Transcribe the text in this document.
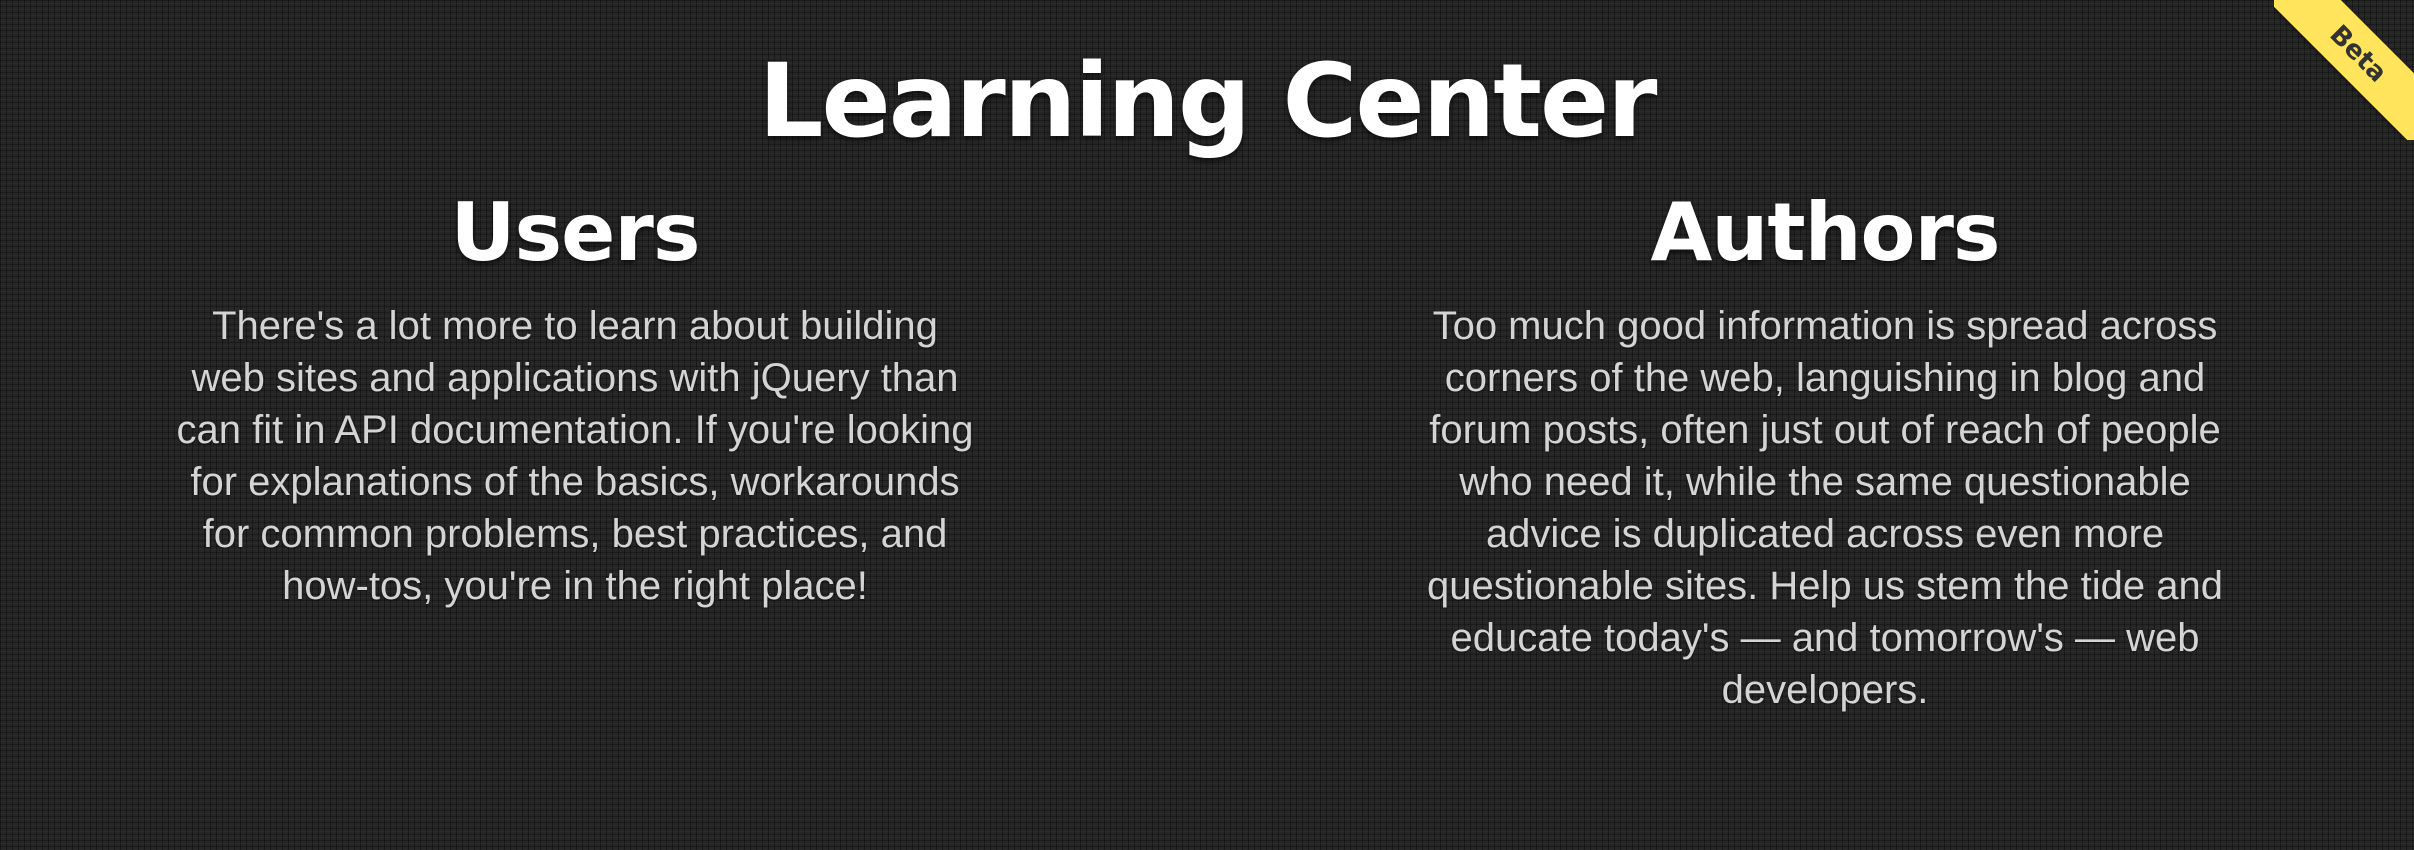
Learning Center	Beta
Users

There's a lot more to learn about building web sites and applications with jQuery than can fit in API documentation. If you're looking for explanations of the basics, workarounds for common problems, best practices, and how-tos, you're in the right place!

Authors

Too much good information is spread across corners of the web, languishing in blog and forum posts, often just out of reach of people who need it, while the same questionable advice is duplicated across even more questionable sites. Help us stem the tide and educate today's — and tomorrow's — web developers.
